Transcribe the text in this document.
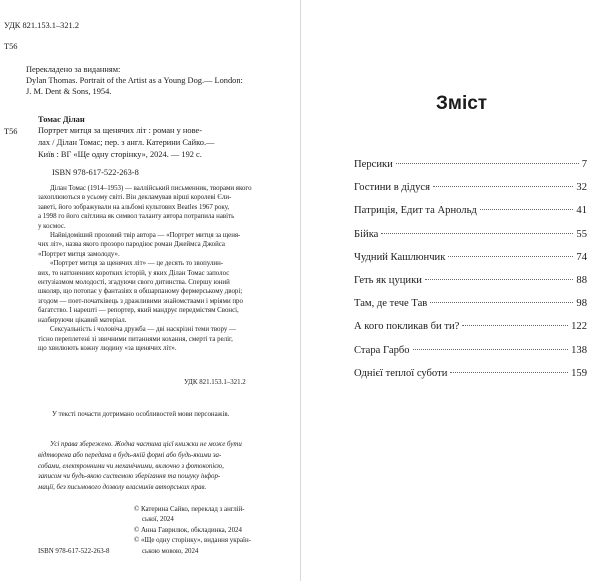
УДК 821.153.1–321.2
Т56
Перекладено за виданням:
Dylan Thomas. Portrait of the Artist as a Young Dog.— London:
J. M. Dent & Sons, 1954.
Томас Ділан
Т56 Портрет митця за щенячих літ : роман у нове-
лах / Ділан Томас; пер. з англ. Катерини Сайко.—
Київ : ВГ «Ще одну сторінку», 2024. — 192 с.
ISBN 978-617-522-263-8

Ділан Томас (1914–1953) — валлійський письменник, творами якого

захоплюються в усьому світі. Він декламував вірші королеві Єли-

заветі, його зображували на альбомі культових Beatles 1967 року,

а 1998 го його світлина як символ таланту автора потрапила навіть

у космос.

Найвідоміший прозовий твір автора — «Портрет митця за щеня-

чих літ», назва якого прозоро пародіює роман Джеймса Джойса

«Портрет митця замолоду».

«Портрет митця за щенячих літ» — це десять то звопулин-

вих, то натхненних коротких історій, у яких Ділан Томас заполос

ентузіазмом молодості, згадуючи свого дитинства. Спершу юний

школяр, що потопає у фантазіях в обшарпаному фермерському дворі;

згодом — поет-початківець з дражливими знайомствами і мріями про

багатство. І нарешті — репортер, який мандрує передмістям Свонсі,

назбируючи цікавий матеріал.

Сексуальність і чоловіча дружба — дві наскрізні теми твору —

тісно переплетені зі звичними питаннями кохання, смерті та реліг,

що хвилюють кожну людину «за щенячих літ».

УДК 821.153.1–321.2
У тексті почасти дотримано особливостей мови персонажів.

Усі права збережено. Жодна частина цієї книжки не може бути

відтворена або передана в будь-якій формі або будь-якими за-

собами, електронними чи механічними, включно з фотокопією,

записом чи будь-якою системою зберігання та пошуку інфор-

мації, без письмового дозволу власників авторських прав.

© Катерина Сайко, переклад з англій-

ської, 2024

© Анна Гаврилюк, обкладинка, 2024

© «Ще одну сторінку», видання україн-

ською мовою, 2024

ISBN 978-617-522-263-8
Зміст
Персики	7
Гостини в дідуся	32
Патриція, Едит та Арнольд	41
Бійка	55
Чудний Кашлюнчик	74
Геть як цуцики	88
Там, де тече Тав	98
А кого покликав би ти?	122
Стара Гарбо	138
Однієї теплої суботи	159
